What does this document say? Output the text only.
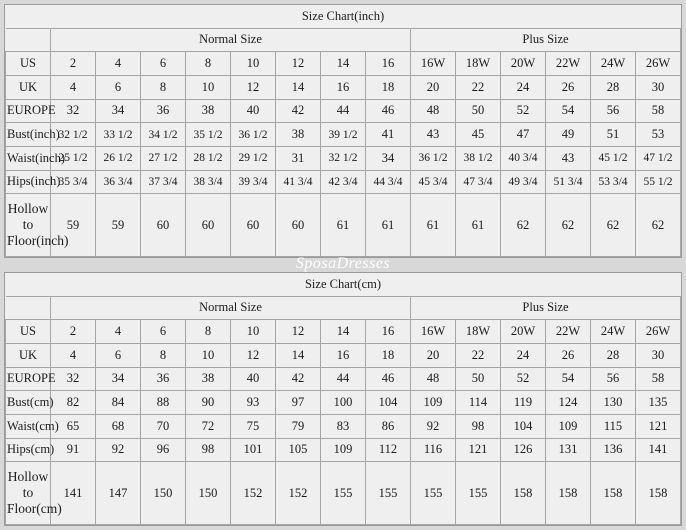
Size Chart(inch)														
	Normal Size								Plus Size					
US	2	4	6	8	10	12	14	16	16W	18W	20W	22W	24W	26W
UK	4	6	8	10	12	14	16	18	20	22	24	26	28	30
EUROPE	32	34	36	38	40	42	44	46	48	50	52	54	56	58
Bust(inch)	32 1/2	33 1/2	34 1/2	35 1/2	36 1/2	38	39 1/2	41	43	45	47	49	51	53
Waist(inch)	25 1/2	26 1/2	27 1/2	28 1/2	29 1/2	31	32 1/2	34	36 1/2	38 1/2	40 3/4	43	45 1/2	47 1/2
Hips(inch)	35 3/4	36 3/4	37 3/4	38 3/4	39 3/4	41 3/4	42 3/4	44 3/4	45 3/4	47 3/4	49 3/4	51 3/4	53 3/4	55 1/2
Hollow to Floor(inch)	59	59	60	60	60	60	61	61	61	61	62	62	62	62
Size Chart(cm)														
	Normal Size								Plus Size					
US	2	4	6	8	10	12	14	16	16W	18W	20W	22W	24W	26W
UK	4	6	8	10	12	14	16	18	20	22	24	26	28	30
EUROPE	32	34	36	38	40	42	44	46	48	50	52	54	56	58
Bust(cm)	82	84	88	90	93	97	100	104	109	114	119	124	130	135
Waist(cm)	65	68	70	72	75	79	83	86	92	98	104	109	115	121
Hips(cm)	91	92	96	98	101	105	109	112	116	121	126	131	136	141
Hollow to Floor(cm)	141	147	150	150	152	152	155	155	155	155	158	158	158	158
SposaDresses
